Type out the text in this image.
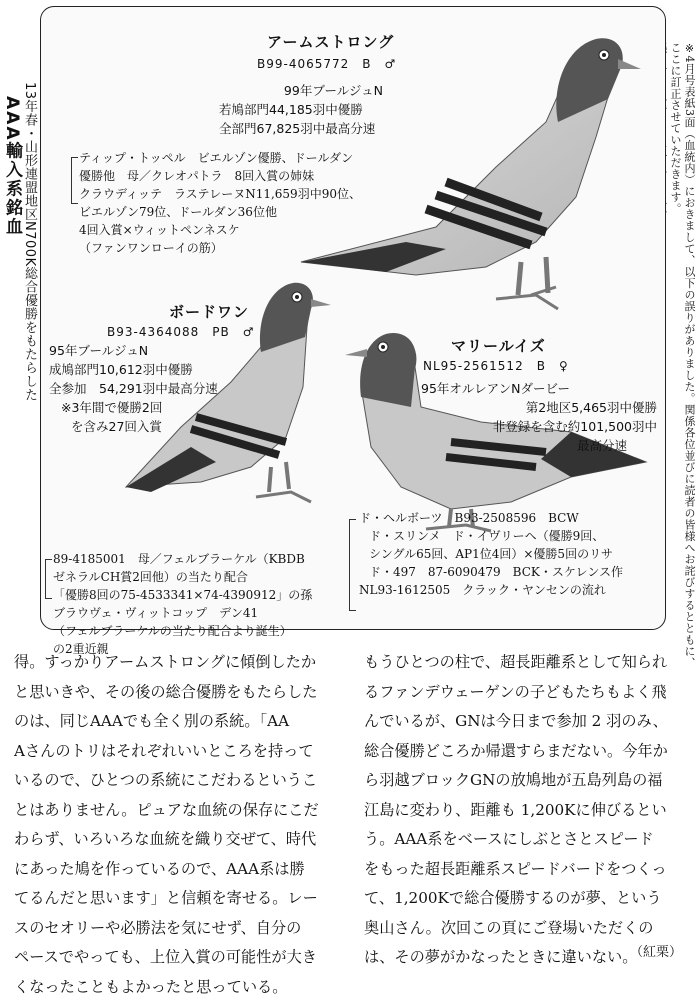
13年春・山形連盟地区N700K総合優勝をもたらした
AAA輸入系銘血	※4月号表紙3面（血統内）におきまして、以下の誤りがありました。関係各位並びに読者の皆様へお詫びするとともに、
ここに訂正させていただきます。

アームストロング
B99-4065772　B　♂
99年ブールジュN
若鳩部門44,185羽中優勝
全部門67,825羽中最高分速
ティップ・トッペル　ビエルゾン優勝、ドールダン
優勝他　母／クレオパトラ　8回入賞の姉妹
クラウディッテ　ラステレーヌN11,659羽中90位、
ビエルゾン79位、ドールダン36位他
4回入賞×ウィットペンネスケ
（ファンワンローイの筋）
ボードワン
B93-4364088　PB　♂
95年ブールジュN
成鳩部門10,612羽中優勝
全参加　54,291羽中最高分速
※3年間で優勝2回
を含み27回入賞
89-4185001　母／フェルブラーケル（KBDB
ゼネラルCH賞2回他）の当たり配合
「優勝8回の75-4533341×74-4390912」の孫
ブラウヴェ・ヴィットコップ　デン41
（フェルブラーケルの当たり配合より誕生）
の2重近親
マリールイズ
NL95-2561512　B　♀
95年オルレアンNダービー
第2地区5,465羽中優勝
非登録を含む約101,500羽中
最高分速
ド・ヘルボーツ　B93-2508596　BCW
ド・スリンメ　ド・イヴリーヘ（優勝9回、
シングル65回、AP1位4回）×優勝5回のリサ
ド・497　87-6090479　BCK・スケレンス作
NL93-1612505　クラック・ヤンセンの流れ

得。すっかりアームストロングに傾倒したか

と思いきや、その後の総合優勝をもたらした

のは、同じAAAでも全く別の系統。「AA

Aさんのトリはそれぞれいいところを持って

いるので、ひとつの系統にこだわるというこ

とはありません。ピュアな血統の保存にこだ

わらず、いろいろな血統を織り交ぜて、時代

にあった鳩を作っているので、AAA系は勝

てるんだと思います」と信頼を寄せる。レー

スのセオリーや必勝法を気にせず、自分の

ペースでやっても、上位入賞の可能性が大き

くなったこともよかったと思っている。

もうひとつの柱で、超長距離系として知られ

るファンデウェーゲンの子どもたちもよく飛

んでいるが、GNは今日まで参加 2 羽のみ、

総合優勝どころか帰還すらまだない。今年か

ら羽越ブロックGNの放鳩地が五島列島の福

江島に変わり、距離も 1,200Kに伸びるとい

う。AAA系をベースにしぶとさとスピード

をもった超長距離系スピードバードをつくっ

て、1,200Kで総合優勝するのが夢、という

奥山さん。次回この頁にご登場いただくの

は、その夢がかなったときに違いない。

（紅栗）
